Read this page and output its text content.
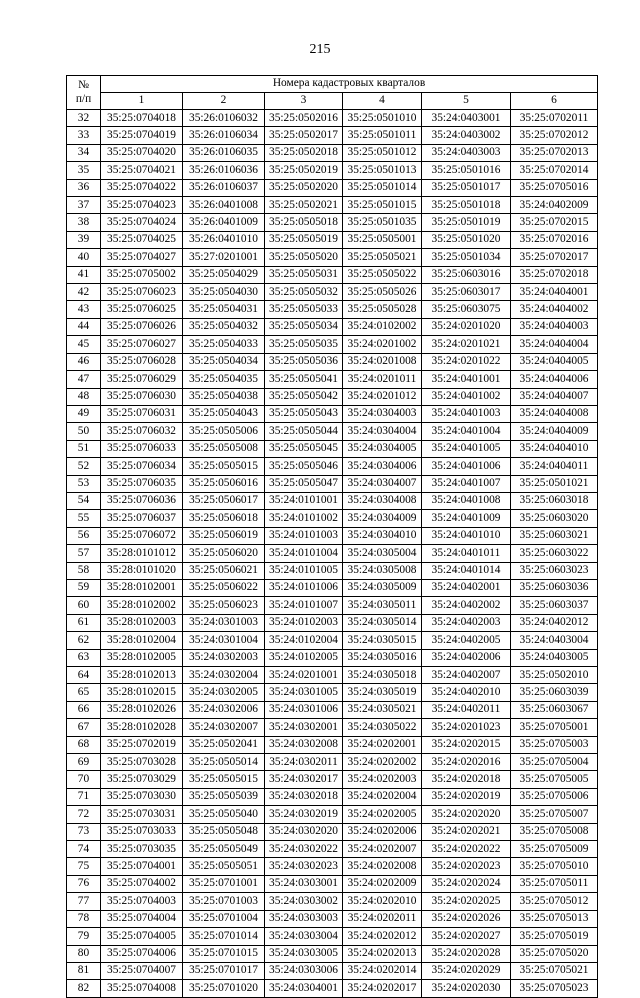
215
№
п/п	Номера кадастровых кварталов					
	1	2	3	4	5	6
32	35:25:0704018	35:26:0106032	35:25:0502016	35:25:0501010	35:24:0403001	35:25:0702011
33	35:25:0704019	35:26:0106034	35:25:0502017	35:25:0501011	35:24:0403002	35:25:0702012
34	35:25:0704020	35:26:0106035	35:25:0502018	35:25:0501012	35:24:0403003	35:25:0702013
35	35:25:0704021	35:26:0106036	35:25:0502019	35:25:0501013	35:25:0501016	35:25:0702014
36	35:25:0704022	35:26:0106037	35:25:0502020	35:25:0501014	35:25:0501017	35:25:0705016
37	35:25:0704023	35:26:0401008	35:25:0502021	35:25:0501015	35:25:0501018	35:24:0402009
38	35:25:0704024	35:26:0401009	35:25:0505018	35:25:0501035	35:25:0501019	35:25:0702015
39	35:25:0704025	35:26:0401010	35:25:0505019	35:25:0505001	35:25:0501020	35:25:0702016
40	35:25:0704027	35:27:0201001	35:25:0505020	35:25:0505021	35:25:0501034	35:25:0702017
41	35:25:0705002	35:25:0504029	35:25:0505031	35:25:0505022	35:25:0603016	35:25:0702018
42	35:25:0706023	35:25:0504030	35:25:0505032	35:25:0505026	35:25:0603017	35:24:0404001
43	35:25:0706025	35:25:0504031	35:25:0505033	35:25:0505028	35:25:0603075	35:24:0404002
44	35:25:0706026	35:25:0504032	35:25:0505034	35:24:0102002	35:24:0201020	35:24:0404003
45	35:25:0706027	35:25:0504033	35:25:0505035	35:24:0201002	35:24:0201021	35:24:0404004
46	35:25:0706028	35:25:0504034	35:25:0505036	35:24:0201008	35:24:0201022	35:24:0404005
47	35:25:0706029	35:25:0504035	35:25:0505041	35:24:0201011	35:24:0401001	35:24:0404006
48	35:25:0706030	35:25:0504038	35:25:0505042	35:24:0201012	35:24:0401002	35:24:0404007
49	35:25:0706031	35:25:0504043	35:25:0505043	35:24:0304003	35:24:0401003	35:24:0404008
50	35:25:0706032	35:25:0505006	35:25:0505044	35:24:0304004	35:24:0401004	35:24:0404009
51	35:25:0706033	35:25:0505008	35:25:0505045	35:24:0304005	35:24:0401005	35:24:0404010
52	35:25:0706034	35:25:0505015	35:25:0505046	35:24:0304006	35:24:0401006	35:24:0404011
53	35:25:0706035	35:25:0506016	35:25:0505047	35:24:0304007	35:24:0401007	35:25:0501021
54	35:25:0706036	35:25:0506017	35:24:0101001	35:24:0304008	35:24:0401008	35:25:0603018
55	35:25:0706037	35:25:0506018	35:24:0101002	35:24:0304009	35:24:0401009	35:25:0603020
56	35:25:0706072	35:25:0506019	35:24:0101003	35:24:0304010	35:24:0401010	35:25:0603021
57	35:28:0101012	35:25:0506020	35:24:0101004	35:24:0305004	35:24:0401011	35:25:0603022
58	35:28:0101020	35:25:0506021	35:24:0101005	35:24:0305008	35:24:0401014	35:25:0603023
59	35:28:0102001	35:25:0506022	35:24:0101006	35:24:0305009	35:24:0402001	35:25:0603036
60	35:28:0102002	35:25:0506023	35:24:0101007	35:24:0305011	35:24:0402002	35:25:0603037
61	35:28:0102003	35:24:0301003	35:24:0102003	35:24:0305014	35:24:0402003	35:24:0402012
62	35:28:0102004	35:24:0301004	35:24:0102004	35:24:0305015	35:24:0402005	35:24:0403004
63	35:28:0102005	35:24:0302003	35:24:0102005	35:24:0305016	35:24:0402006	35:24:0403005
64	35:28:0102013	35:24:0302004	35:24:0201001	35:24:0305018	35:24:0402007	35:25:0502010
65	35:28:0102015	35:24:0302005	35:24:0301005	35:24:0305019	35:24:0402010	35:25:0603039
66	35:28:0102026	35:24:0302006	35:24:0301006	35:24:0305021	35:24:0402011	35:25:0603067
67	35:28:0102028	35:24:0302007	35:24:0302001	35:24:0305022	35:24:0201023	35:25:0705001
68	35:25:0702019	35:25:0502041	35:24:0302008	35:24:0202001	35:24:0202015	35:25:0705003
69	35:25:0703028	35:25:0505014	35:24:0302011	35:24:0202002	35:24:0202016	35:25:0705004
70	35:25:0703029	35:25:0505015	35:24:0302017	35:24:0202003	35:24:0202018	35:25:0705005
71	35:25:0703030	35:25:0505039	35:24:0302018	35:24:0202004	35:24:0202019	35:25:0705006
72	35:25:0703031	35:25:0505040	35:24:0302019	35:24:0202005	35:24:0202020	35:25:0705007
73	35:25:0703033	35:25:0505048	35:24:0302020	35:24:0202006	35:24:0202021	35:25:0705008
74	35:25:0703035	35:25:0505049	35:24:0302022	35:24:0202007	35:24:0202022	35:25:0705009
75	35:25:0704001	35:25:0505051	35:24:0302023	35:24:0202008	35:24:0202023	35:25:0705010
76	35:25:0704002	35:25:0701001	35:24:0303001	35:24:0202009	35:24:0202024	35:25:0705011
77	35:25:0704003	35:25:0701003	35:24:0303002	35:24:0202010	35:24:0202025	35:25:0705012
78	35:25:0704004	35:25:0701004	35:24:0303003	35:24:0202011	35:24:0202026	35:25:0705013
79	35:25:0704005	35:25:0701014	35:24:0303004	35:24:0202012	35:24:0202027	35:25:0705019
80	35:25:0704006	35:25:0701015	35:24:0303005	35:24:0202013	35:24:0202028	35:25:0705020
81	35:25:0704007	35:25:0701017	35:24:0303006	35:24:0202014	35:24:0202029	35:25:0705021
82	35:25:0704008	35:25:0701020	35:24:0304001	35:24:0202017	35:24:0202030	35:25:0705023
